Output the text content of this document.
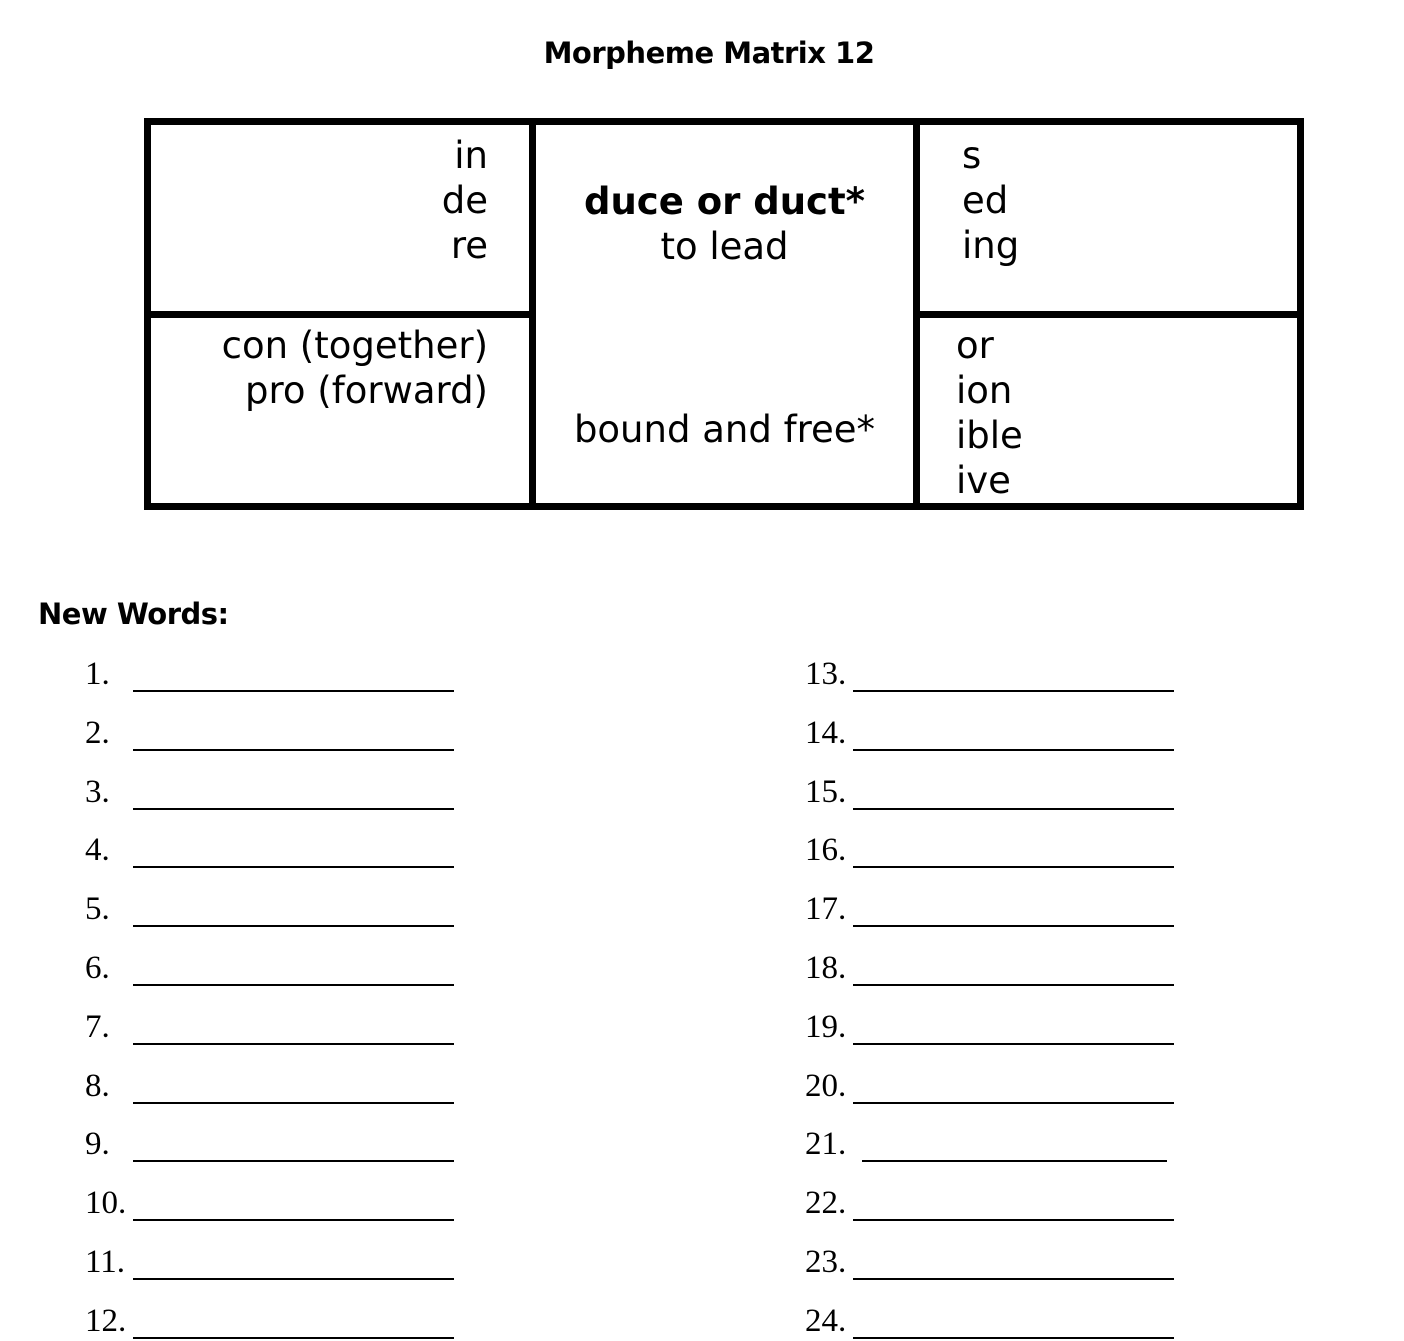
Morpheme Matrix 12
in
de
re
con (together)
pro (forward)
duce or duct*
to lead
bound and free*
s
ed
ing
or
ion
ible
ive
New Words:
1.
2.
3.
4.
5.
6.
7.
8.
9.
10.
11.
12.
13.
14.
15.
16.
17.
18.
19.
20.
21.
22.
23.
24.
